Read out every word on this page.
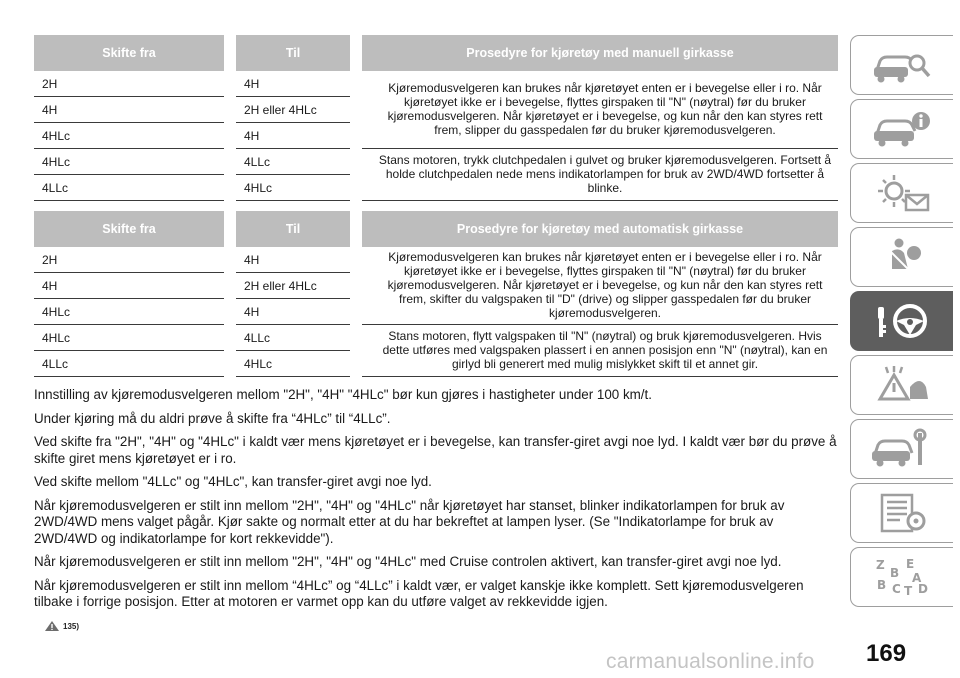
Skifte fra	Til	Prosedyre for kjøretøy med manuell girkasse
2H	4H	Kjøremodusvelgeren kan brukes når kjøretøyet enten er i bevegelse eller i ro. Når kjøretøyet ikke er i bevegelse, flyttes girspaken til "N" (nøytral) før du bruker kjøremodusvelgeren. Når kjøretøyet er i bevegelse, og kun når den kan styres rett frem, slipper du gasspedalen før du bruker kjøremodusvelgeren.
4H	2H eller 4HLc	
4HLc	4H	
4HLc	4LLc	Stans motoren, trykk clutchpedalen i gulvet og bruker kjøremodusvelgeren. Fortsett å holde clutchpedalen nede mens indikatorlampen for bruk av 2WD/4WD fortsetter å blinke.
4LLc	4HLc	
Skifte fra	Til	Prosedyre for kjøretøy med automatisk girkasse
2H	4H	Kjøremodusvelgeren kan brukes når kjøretøyet enten er i bevegelse eller i ro. Når kjøretøyet ikke er i bevegelse, flyttes girspaken til "N" (nøytral) før du bruker kjøremodusvelgeren. Når kjøretøyet er i bevegelse, og kun når den kan styres rett frem, skifter du valgspaken til "D" (drive) og slipper gasspedalen før du bruker kjøremodusvelgeren.
4H	2H eller 4HLc	
4HLc	4H	
4HLc	4LLc	Stans motoren, flytt valgspaken til "N" (nøytral) og bruk kjøremodusvelgeren. Hvis dette utføres med valgspaken plassert i en annen posisjon enn "N" (nøytral), kan en girlyd bli generert med mulig mislykket skift til et annet gir.
4LLc	4HLc	

Innstilling av kjøremodusvelgeren mellom "2H", "4H" "4HLc" bør kun gjøres i hastigheter under 100 km/t.

Under kjøring må du aldri prøve å skifte fra “4HLc” til “4LLc”.

Ved skifte fra "2H", "4H" og "4HLc" i kaldt vær mens kjøretøyet er i bevegelse, kan transfer-giret avgi noe lyd. I kaldt vær bør du prøve å skifte giret mens kjøretøyet er i ro.

Ved skifte mellom "4LLc" og "4HLc", kan transfer-giret avgi noe lyd.

Når kjøremodusvelgeren er stilt inn mellom "2H", "4H" og "4HLc" når kjøretøyet har stanset, blinker indikatorlampen for bruk av 2WD/4WD mens valget pågår. Kjør sakte og normalt etter at du har bekreftet at lampen lyser. (Se "Indikatorlampe for bruk av 2WD/4WD og indikatorlampe for kort rekkevidde").

Når kjøremodusvelgeren er stilt inn mellom "2H", "4H" og "4HLc" med Cruise controlen aktivert, kan transfer-giret avgi noe lyd.

Når kjøremodusvelgeren er stilt inn mellom “4HLc” og “4LLc” i kaldt vær, er valget kanskje ikke komplett. Sett kjøremodusvelgeren tilbake i forrige posisjon. Etter at motoren er varmet opp kan du utføre valget av rekkevidde igjen.

135)
Z E
B A
B C T D
169
carmanualsonline.info
